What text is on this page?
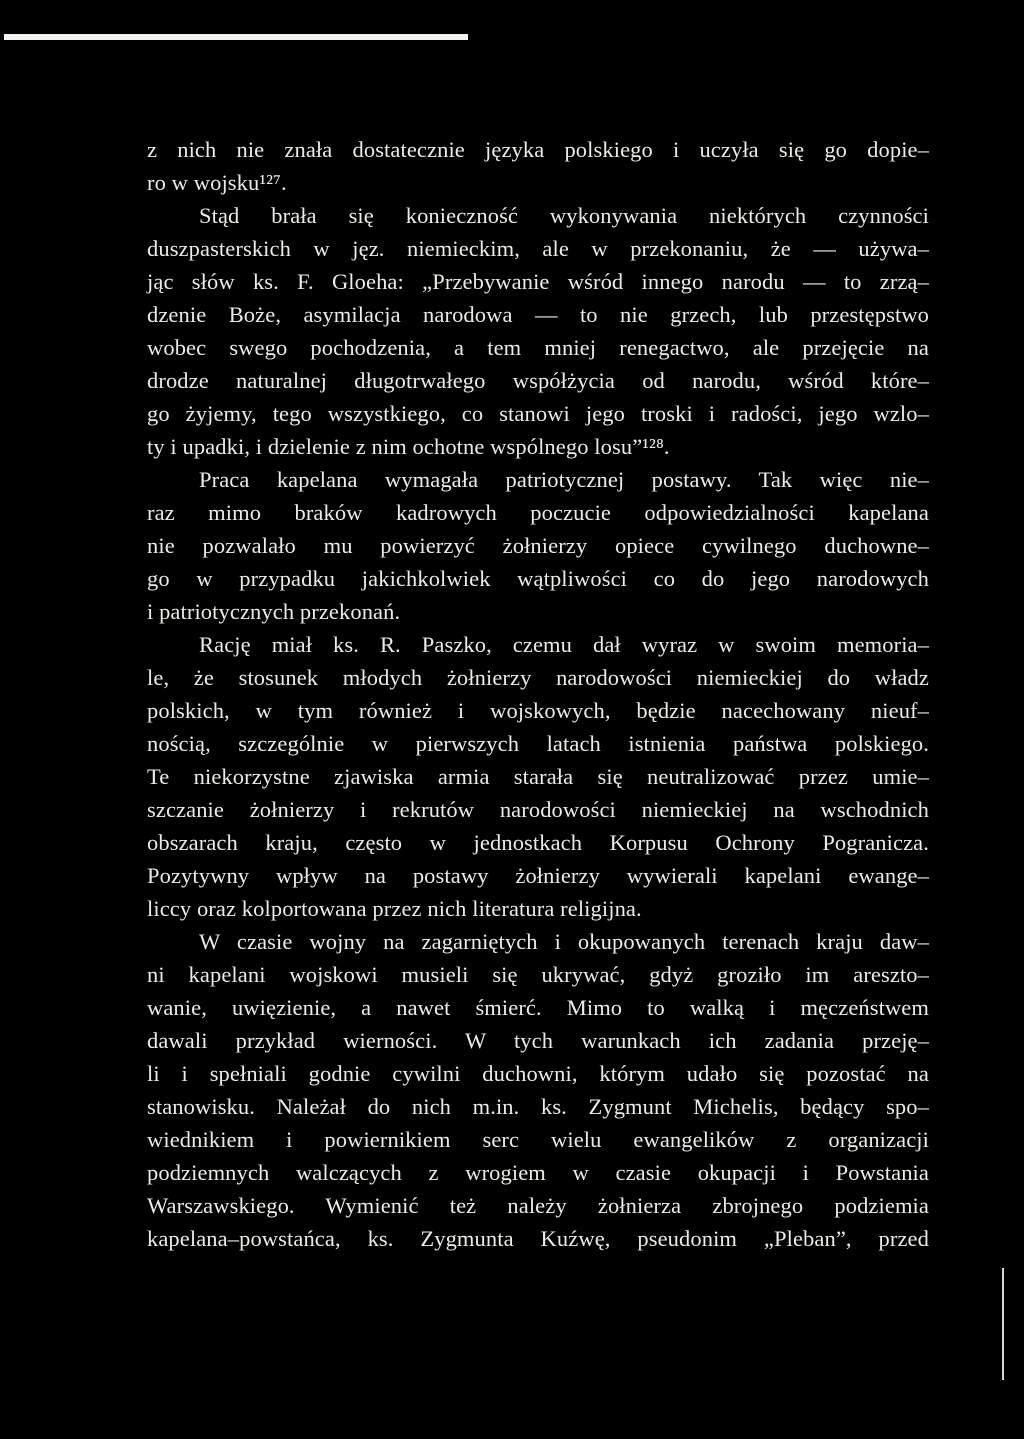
z nich nie znała dostatecznie języka polskiego i uczyła się go dopie–
ro w wojsku¹²⁷.
Stąd brała się konieczność wykonywania niektórych czynności
duszpasterskich w jęz. niemieckim, ale w przekonaniu, że — używa–
jąc słów ks. F. Gloeha: „Przebywanie wśród innego narodu — to zrzą–
dzenie Boże, asymilacja narodowa — to nie grzech, lub przestępstwo
wobec swego pochodzenia, a tem mniej renegactwo, ale przejęcie na
drodze naturalnej długotrwałego współżycia od narodu, wśród które–
go żyjemy, tego wszystkiego, co stanowi jego troski i radości, jego wzlo–
ty i upadki, i dzielenie z nim ochotne wspólnego losu”¹²⁸.
Praca kapelana wymagała patriotycznej postawy. Tak więc nie–
raz mimo braków kadrowych poczucie odpowiedzialności kapelana
nie pozwalało mu powierzyć żołnierzy opiece cywilnego duchowne–
go w przypadku jakichkolwiek wątpliwości co do jego narodowych
i patriotycznych przekonań.
Rację miał ks. R. Paszko, czemu dał wyraz w swoim memoria–
le, że stosunek młodych żołnierzy narodowości niemieckiej do władz
polskich, w tym również i wojskowych, będzie nacechowany nieuf–
nością, szczególnie w pierwszych latach istnienia państwa polskiego.
Te niekorzystne zjawiska armia starała się neutralizować przez umie–
szczanie żołnierzy i rekrutów narodowości niemieckiej na wschodnich
obszarach kraju, często w jednostkach Korpusu Ochrony Pogranicza.
Pozytywny wpływ na postawy żołnierzy wywierali kapelani ewange–
liccy oraz kolportowana przez nich literatura religijna.
W czasie wojny na zagarniętych i okupowanych terenach kraju daw–
ni kapelani wojskowi musieli się ukrywać, gdyż groziło im areszto–
wanie, uwięzienie, a nawet śmierć. Mimo to walką i męczeństwem
dawali przykład wierności. W tych warunkach ich zadania przeję–
li i spełniali godnie cywilni duchowni, którym udało się pozostać na
stanowisku. Należał do nich m.in. ks. Zygmunt Michelis, będący spo–
wiednikiem i powiernikiem serc wielu ewangelików z organizacji
podziemnych walczących z wrogiem w czasie okupacji i Powstania
Warszawskiego. Wymienić też należy żołnierza zbrojnego podziemia
kapelana–powstańca, ks. Zygmunta Kuźwę, pseudonim „Pleban”, przed
